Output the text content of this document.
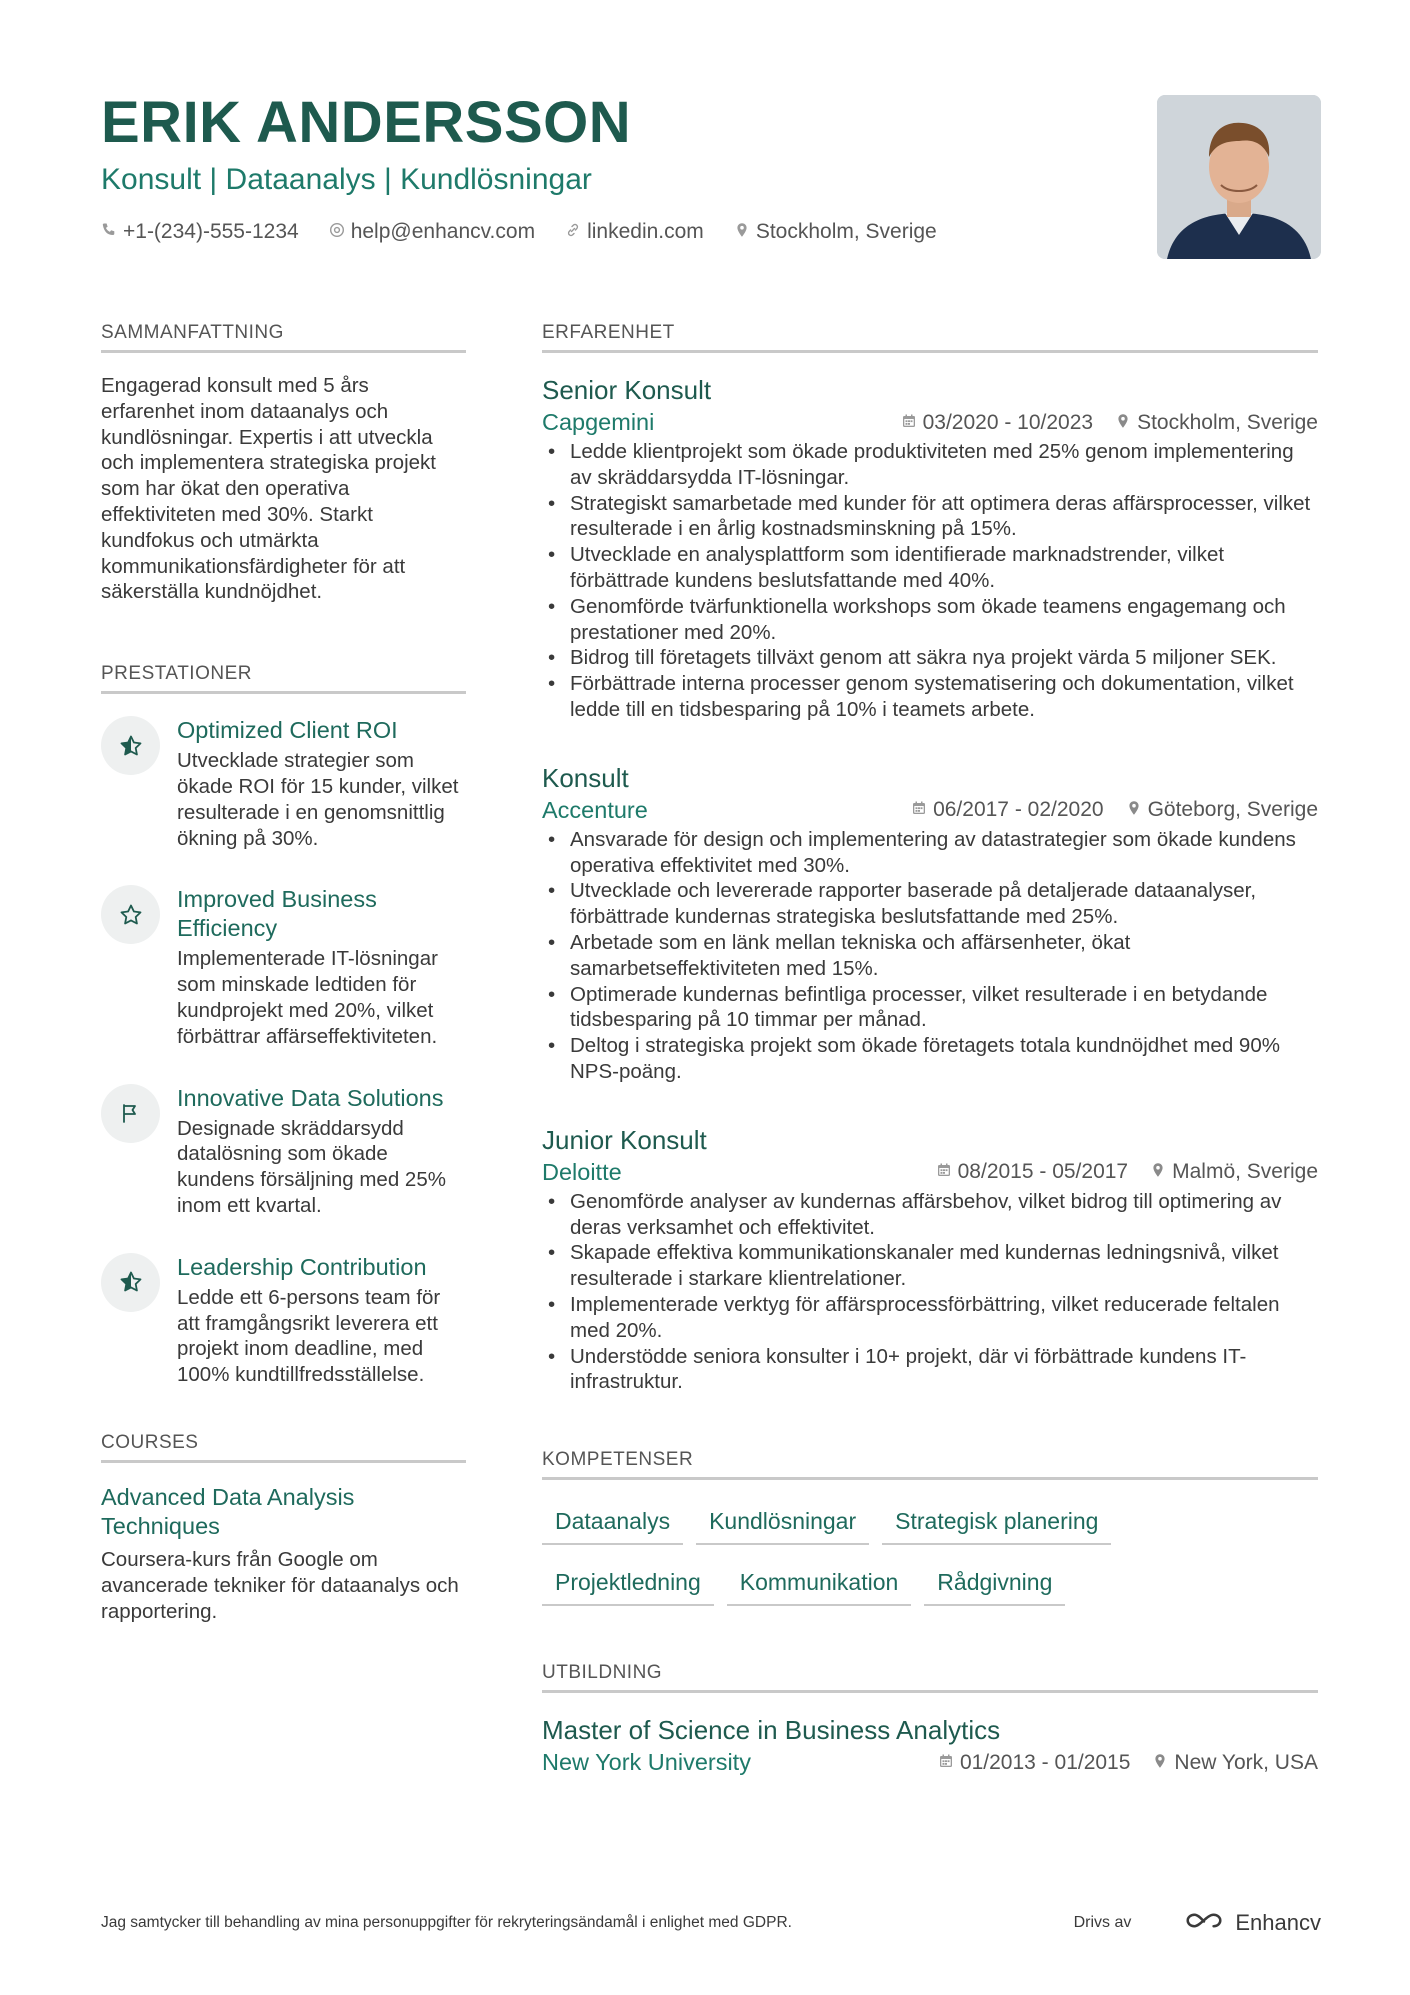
ERIK ANDERSSON
Konsult | Dataanalys | Kundlösningar
+1-(234)-555-1234 help@enhancv.com linkedin.com Stockholm, Sverige
SAMMANFATTNING

Engagerad konsult med 5 års erfarenhet inom dataanalys och kundlösningar. Expertis i att utveckla och implementera strategiska projekt som har ökat den operativa effektiviteten med 30%. Starkt kundfokus och utmärkta kommunikationsfärdigheter för att säkerställa kundnöjdhet.

PRESTATIONER
Optimized Client ROI
Utvecklade strategier som ökade ROI för 15 kunder, vilket resulterade i en genomsnittlig ökning på 30%.
Improved Business Efficiency
Implementerade IT-lösningar som minskade ledtiden för kundprojekt med 20%, vilket förbättrar affärseffektiviteten.
Innovative Data Solutions
Designade skräddarsydd datalösning som ökade kundens försäljning med 25% inom ett kvartal.
Leadership Contribution
Ledde ett 6-persons team för att framgångsrikt leverera ett projekt inom deadline, med 100% kundtillfredsställelse.
COURSES
Advanced Data Analysis Techniques
Coursera-kurs från Google om avancerade tekniker för dataanalys och rapportering.
ERFARENHET
Senior Konsult
Capgemini	03/2020 - 10/2023 Stockholm, Sverige
• Ledde klientprojekt som ökade produktiviteten med 25% genom implementering av skräddarsydda IT-lösningar.
• Strategiskt samarbetade med kunder för att optimera deras affärsprocesser, vilket resulterade i en årlig kostnadsminskning på 15%.
• Utvecklade en analysplattform som identifierade marknadstrender, vilket förbättrade kundens beslutsfattande med 40%.
• Genomförde tvärfunktionella workshops som ökade teamens engagemang och prestationer med 20%.
• Bidrog till företagets tillväxt genom att säkra nya projekt värda 5 miljoner SEK.
• Förbättrade interna processer genom systematisering och dokumentation, vilket ledde till en tidsbesparing på 10% i teamets arbete.
Konsult
Accenture	06/2017 - 02/2020 Göteborg, Sverige
• Ansvarade för design och implementering av datastrategier som ökade kundens operativa effektivitet med 30%.
• Utvecklade och levererade rapporter baserade på detaljerade dataanalyser, förbättrade kundernas strategiska beslutsfattande med 25%.
• Arbetade som en länk mellan tekniska och affärsenheter, ökat samarbetseffektiviteten med 15%.
• Optimerade kundernas befintliga processer, vilket resulterade i en betydande tidsbesparing på 10 timmar per månad.
• Deltog i strategiska projekt som ökade företagets totala kundnöjdhet med 90% NPS-poäng.
Junior Konsult
Deloitte	08/2015 - 05/2017 Malmö, Sverige
• Genomförde analyser av kundernas affärsbehov, vilket bidrog till optimering av deras verksamhet och effektivitet.
• Skapade effektiva kommunikationskanaler med kundernas ledningsnivå, vilket resulterade i starkare klientrelationer.
• Implementerade verktyg för affärsprocessförbättring, vilket reducerade feltalen med 20%.
• Understödde seniora konsulter i 10+ projekt, där vi förbättrade kundens IT-infrastruktur.
KOMPETENSER
Dataanalys	Kundlösningar	Strategisk planering
Projektledning	Kommunikation	Rådgivning
UTBILDNING
Master of Science in Business Analytics
New York University	01/2013 - 01/2015 New York, USA
Jag samtycker till behandling av mina personuppgifter för rekryteringsändamål i enlighet med GDPR.	Drivs av	Enhancv
